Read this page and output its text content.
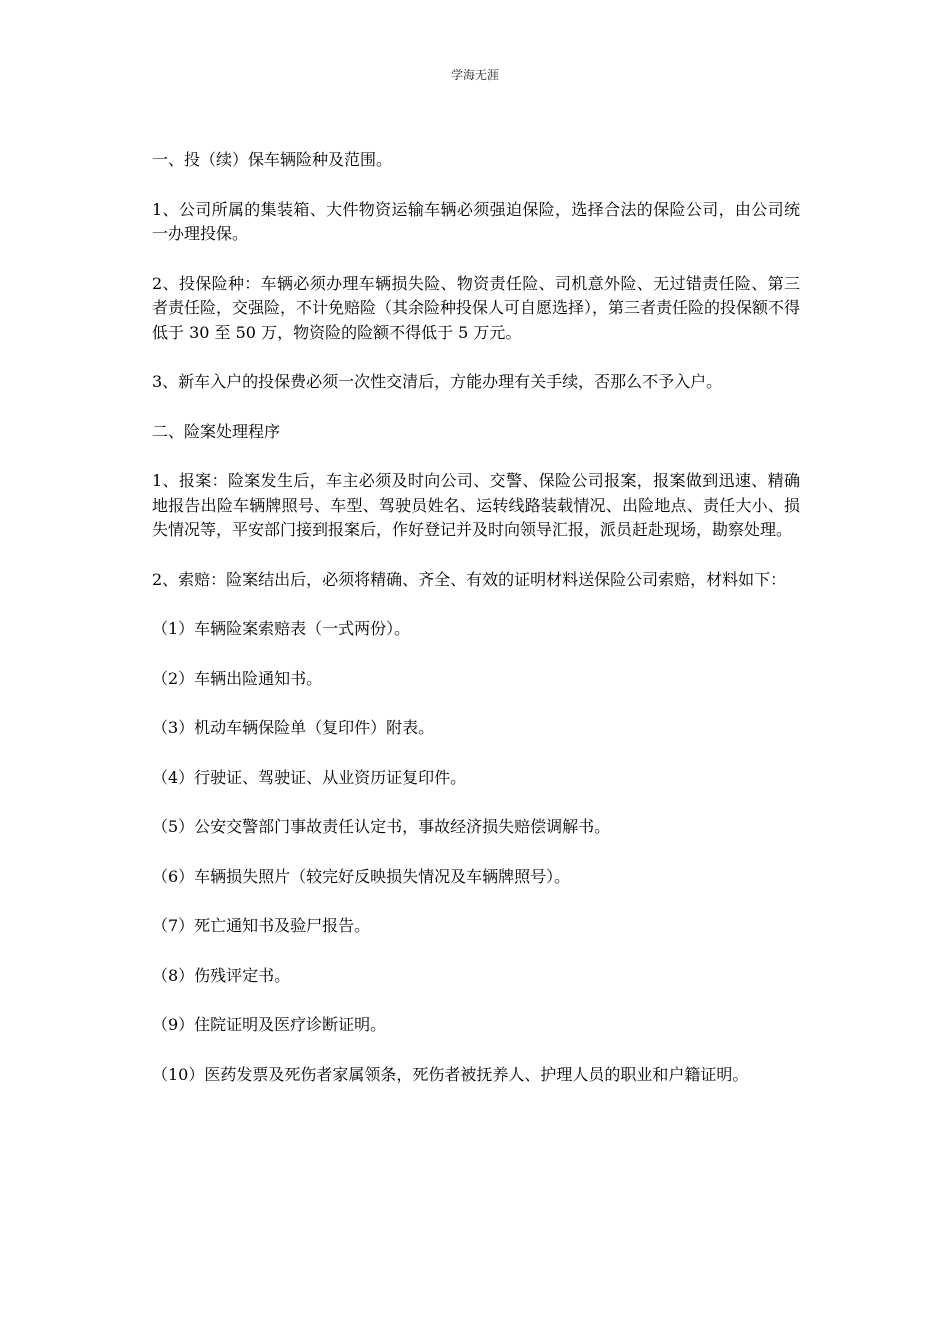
学海无涯

一、投（续）保车辆险种及范围。

1、公司所属的集装箱、大件物资运输车辆必须强迫保险，选择合法的保险公司，由公司统一办理投保。

2、投保险种：车辆必须办理车辆损失险、物资责任险、司机意外险、无过错责任险、第三者责任险，交强险，不计免赔险（其余险种投保人可自愿选择），第三者责任险的投保额不得低于 30 至 50 万，物资险的险额不得低于 5 万元。

3、新车入户的投保费必须一次性交清后，方能办理有关手续，否那么不予入户。

二、险案处理程序

1、报案：险案发生后，车主必须及时向公司、交警、保险公司报案，报案做到迅速、精确地报告出险车辆牌照号、车型、驾驶员姓名、运转线路装载情况、出险地点、责任大小、损失情况等，平安部门接到报案后，作好登记并及时向领导汇报，派员赶赴现场，勘察处理。

2、索赔：险案结出后，必须将精确、齐全、有效的证明材料送保险公司索赔，材料如下：

（1）车辆险案索赔表（一式两份）。

（2）车辆出险通知书。

（3）机动车辆保险单（复印件）附表。

（4）行驶证、驾驶证、从业资历证复印件。

（5）公安交警部门事故责任认定书，事故经济损失赔偿调解书。

（6）车辆损失照片（较完好反映损失情况及车辆牌照号）。

（7）死亡通知书及验尸报告。

（8）伤残评定书。

（9）住院证明及医疗诊断证明。

（10）医药发票及死伤者家属领条，死伤者被抚养人、护理人员的职业和户籍证明。
